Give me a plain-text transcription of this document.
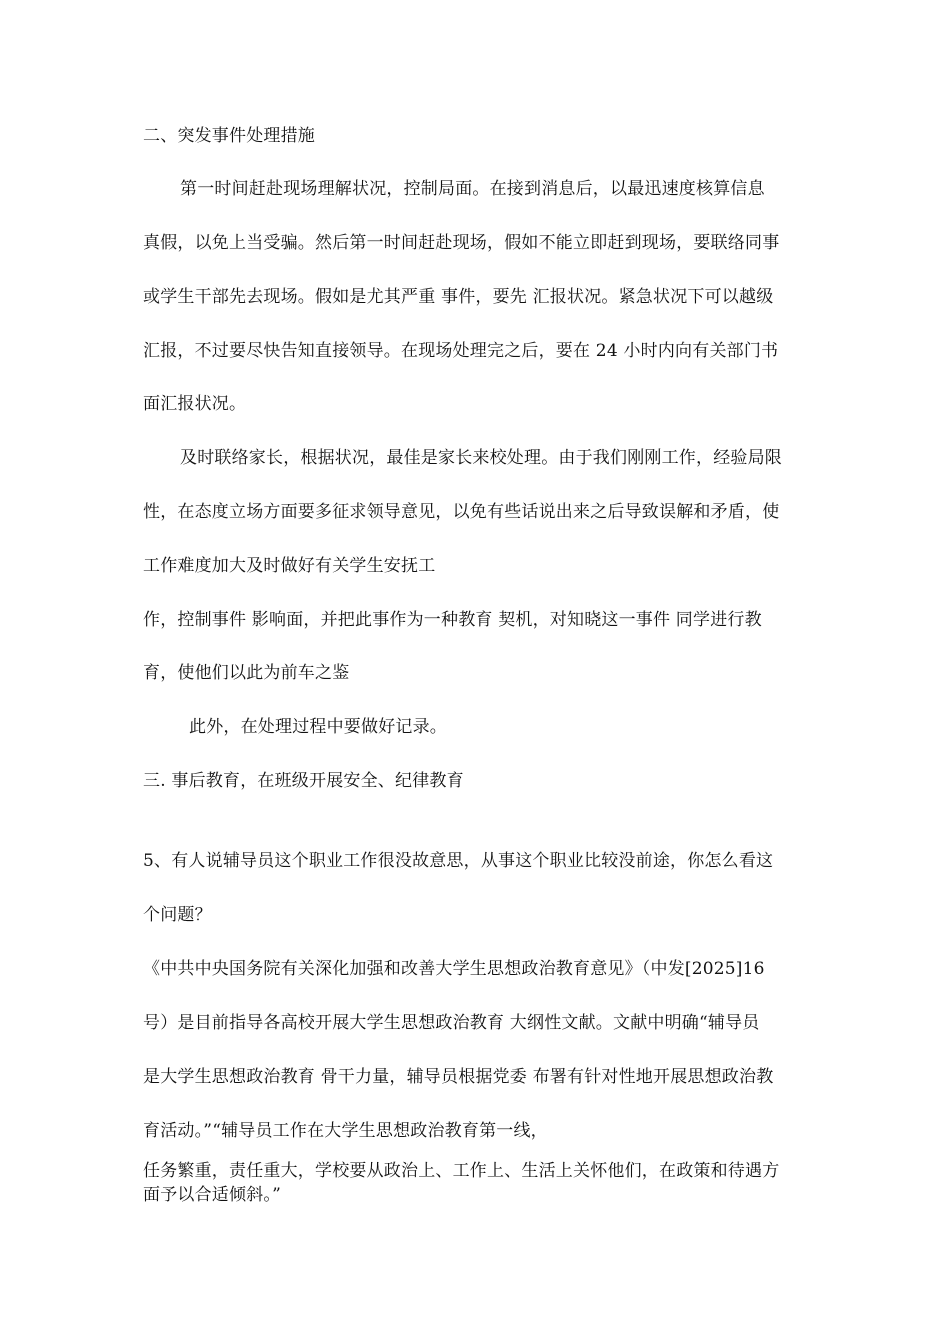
二、突发事件处理措施
第一时间赶赴现场理解状况，控制局面。在接到消息后，以最迅速度核算信息
真假，以免上当受骗。然后第一时间赶赴现场，假如不能立即赶到现场，要联络同事
或学生干部先去现场。假如是尤其严重 事件，要先 汇报状况。紧急状况下可以越级
汇报，不过要尽快告知直接领导。在现场处理完之后，要在 24 小时内向有关部门书
面汇报状况。
及时联络家长，根据状况，最佳是家长来校处理。由于我们刚刚工作，经验局限
性，在态度立场方面要多征求领导意见，以免有些话说出来之后导致误解和矛盾，使
工作难度加大及时做好有关学生安抚工
作，控制事件 影响面，并把此事作为一种教育 契机，对知晓这一事件 同学进行教
育，使他们以此为前车之鉴
此外，在处理过程中要做好记录。
三. 事后教育，在班级开展安全、纪律教育
5、有人说辅导员这个职业工作很没故意思，从事这个职业比较没前途，你怎么看这
个问题？
《中共中央国务院有关深化加强和改善大学生思想政治教育意见》（中发[2025]16
号）是目前指导各高校开展大学生思想政治教育 大纲性文献。文献中明确“辅导员
是大学生思想政治教育 骨干力量，辅导员根据党委 布署有针对性地开展思想政治教
育活动。”“辅导员工作在大学生思想政治教育第一线，
任务繁重，责任重大，学校要从政治上、工作上、生活上关怀他们，在政策和待遇方
面予以合适倾斜。”
